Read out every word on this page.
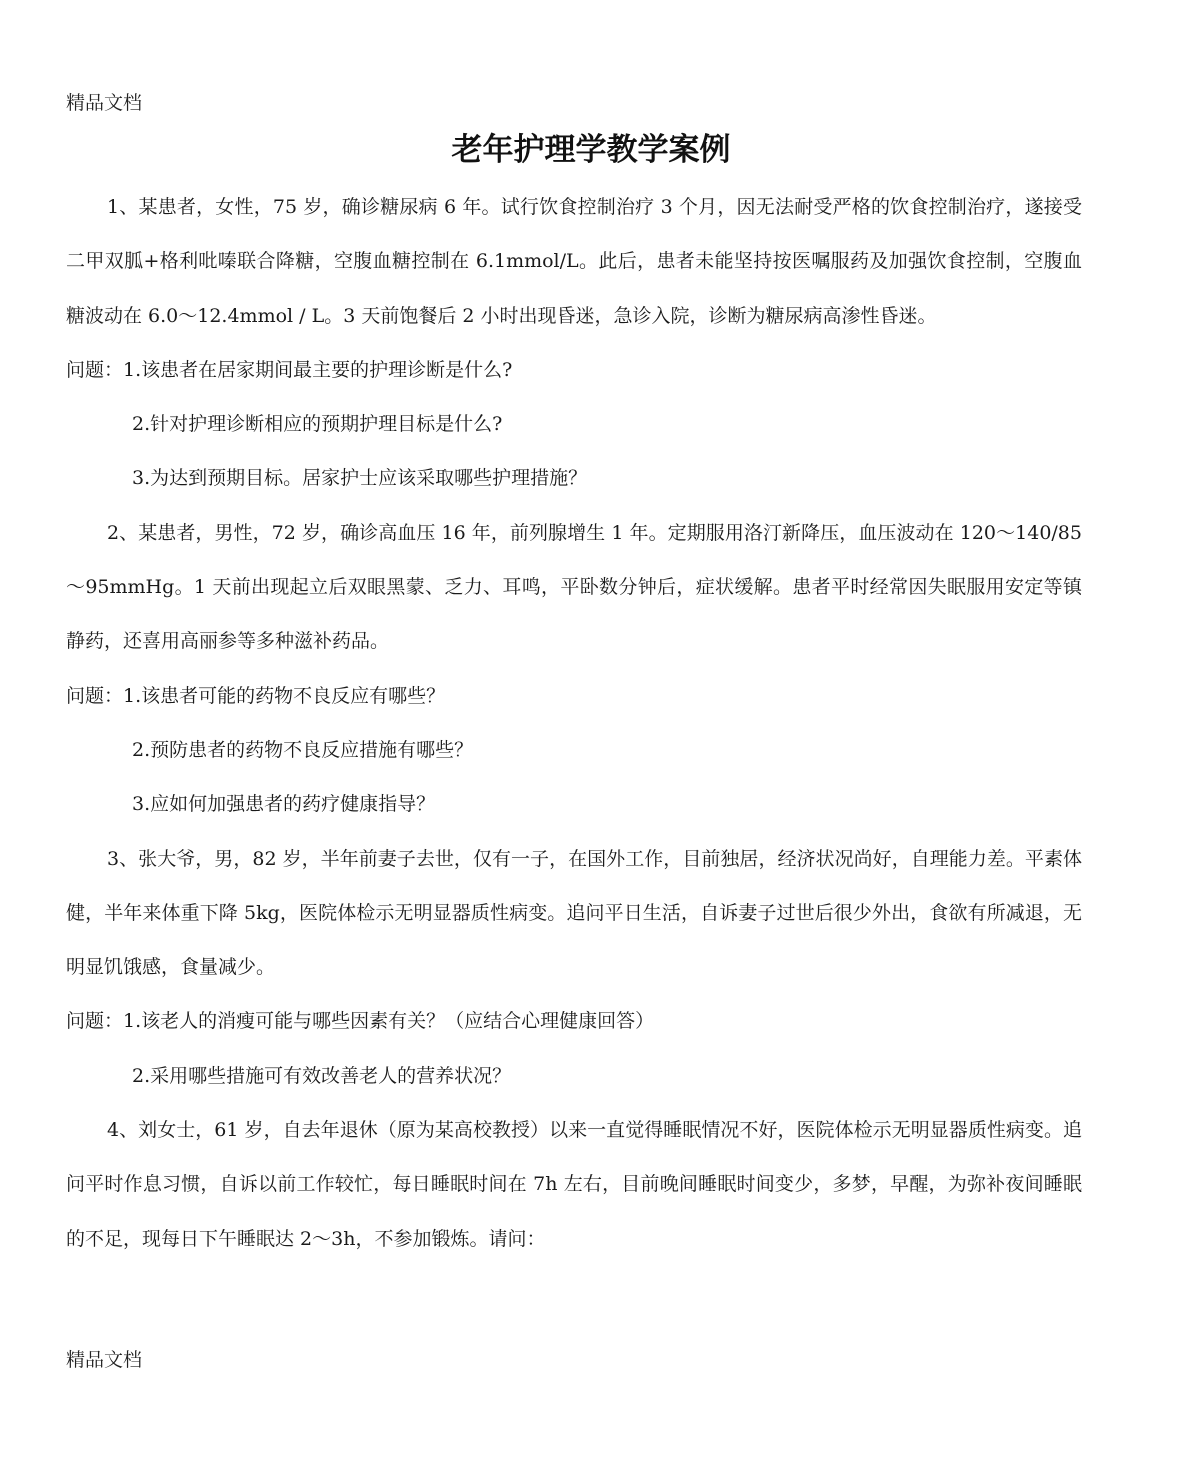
精品文档
老年护理学教学案例

1、某患者，女性，75 岁，确诊糖尿病 6 年。试行饮食控制治疗 3 个月，因无法耐受严格的饮食控制治疗，遂接受二甲双胍+格利吡嗪联合降糖，空腹血糖控制在 6.1mmol/L。此后，患者未能坚持按医嘱服药及加强饮食控制，空腹血糖波动在 6.0～12.4mmol / L。3 天前饱餐后 2 小时出现昏迷，急诊入院，诊断为糖尿病高渗性昏迷。

问题：1.该患者在居家期间最主要的护理诊断是什么?

2.针对护理诊断相应的预期护理目标是什么?

3.为达到预期目标。居家护士应该采取哪些护理措施？

2、某患者，男性，72 岁，确诊高血压 16 年，前列腺增生 1 年。定期服用洛汀新降压，血压波动在 120～140/85～95mmHg。1 天前出现起立后双眼黑蒙、乏力、耳鸣，平卧数分钟后，症状缓解。患者平时经常因失眠服用安定等镇静药，还喜用高丽参等多种滋补药品。

问题：1.该患者可能的药物不良反应有哪些？

2.预防患者的药物不良反应措施有哪些？

3.应如何加强患者的药疗健康指导？

3、张大爷，男，82 岁，半年前妻子去世，仅有一子，在国外工作，目前独居，经济状况尚好，自理能力差。平素体健，半年来体重下降 5kg，医院体检示无明显器质性病变。追问平日生活，自诉妻子过世后很少外出，食欲有所减退，无明显饥饿感，食量减少。

问题：1.该老人的消瘦可能与哪些因素有关？（应结合心理健康回答）

2.采用哪些措施可有效改善老人的营养状况？

4、刘女士，61 岁，自去年退休（原为某高校教授）以来一直觉得睡眠情况不好，医院体检示无明显器质性病变。追问平时作息习惯，自诉以前工作较忙，每日睡眠时间在 7h 左右，目前晚间睡眠时间变少，多梦，早醒，为弥补夜间睡眠的不足，现每日下午睡眠达 2～3h，不参加锻炼。请问：

精品文档
